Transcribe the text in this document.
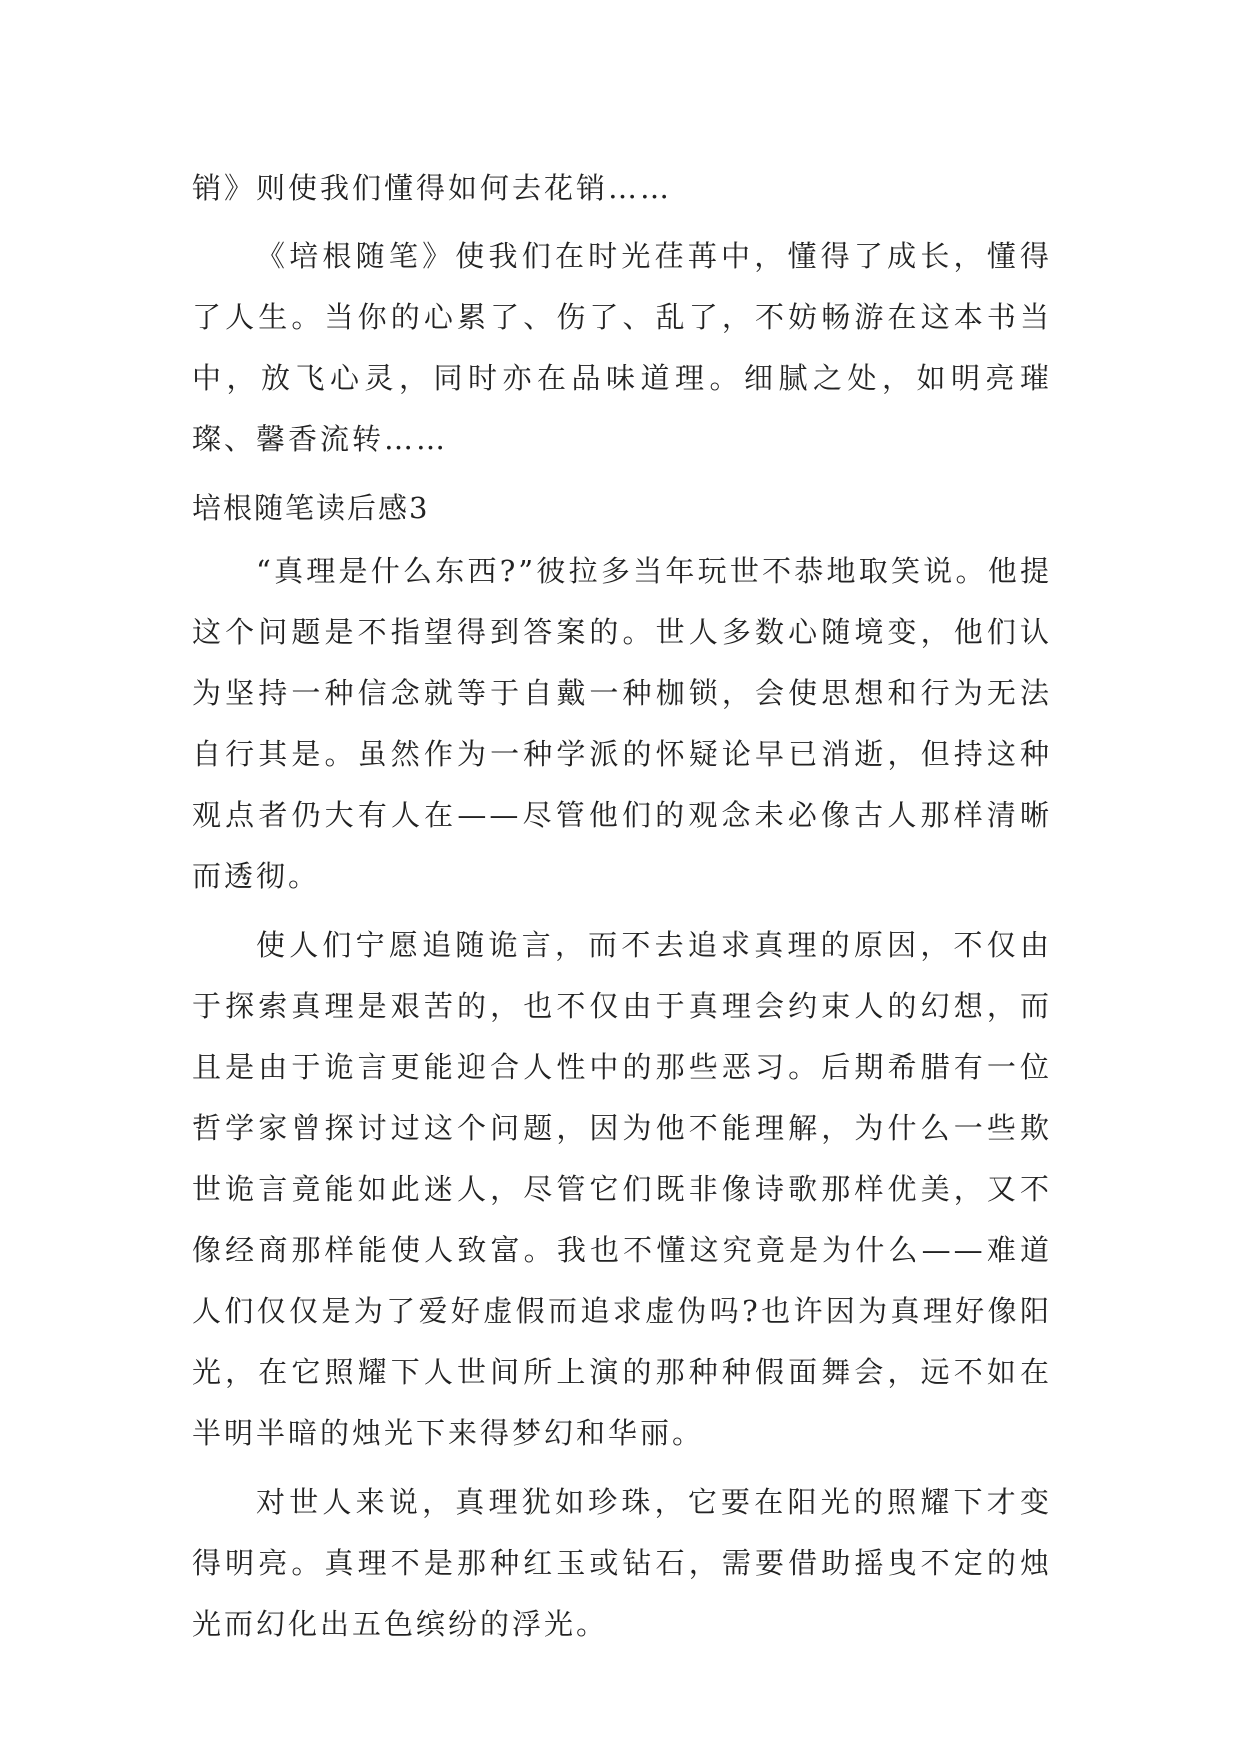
销》则使我们懂得如何去花销……

《培根随笔》使我们在时光荏苒中，懂得了成长，懂得了人生。当你的心累了、伤了、乱了，不妨畅游在这本书当中，放飞心灵，同时亦在品味道理。细腻之处，如明亮璀璨、馨香流转……

培根随笔读后感3

“真理是什么东西?”彼拉多当年玩世不恭地取笑说。他提这个问题是不指望得到答案的。世人多数心随境变，他们认为坚持一种信念就等于自戴一种枷锁，会使思想和行为无法自行其是。虽然作为一种学派的怀疑论早已消逝，但持这种观点者仍大有人在——尽管他们的观念未必像古人那样清晰而透彻。

使人们宁愿追随诡言，而不去追求真理的原因，不仅由于探索真理是艰苦的，也不仅由于真理会约束人的幻想，而且是由于诡言更能迎合人性中的那些恶习。后期希腊有一位哲学家曾探讨过这个问题，因为他不能理解，为什么一些欺世诡言竟能如此迷人，尽管它们既非像诗歌那样优美，又不像经商那样能使人致富。我也不懂这究竟是为什么——难道人们仅仅是为了爱好虚假而追求虚伪吗?也许因为真理好像阳光，在它照耀下人世间所上演的那种种假面舞会，远不如在半明半暗的烛光下来得梦幻和华丽。

对世人来说，真理犹如珍珠，它要在阳光的照耀下才变得明亮。真理不是那种红玉或钻石，需要借助摇曳不定的烛光而幻化出五色缤纷的浮光。
